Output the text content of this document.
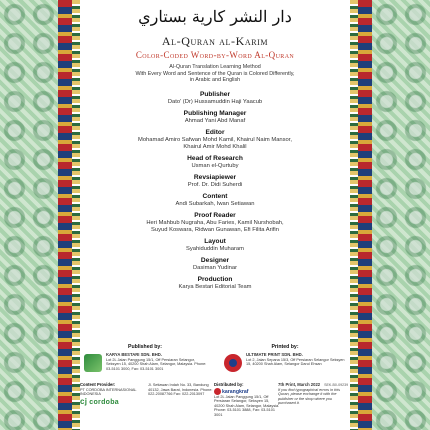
دار النشر كارية بستاري
Al-Quran al-Karim
Color-Coded Word-by-Word Al-Quran
Al-Quran Translation Learning Method
With Every Word and Sentence of the Quran is Colored Differently,
in Arabic and English
Publisher
Dato' (Dr) Hussamuddin Haji Yaacub
Publishing Manager
Ahmad Yani Abd Manaf
Editor
Mohamad Amiro Safwan Mohd Kamil, Khairul Naim Mansor,
Khairul Amir Mohd Khalil
Head of Research
Usman el-Qurtuby
Revsiapiewer
Prof. Dr. Didi Suherdi
Content
Andi Subarkah, Iwan Setiawan
Proof Reader
Heri Mahbub Nugraha, Abu Faries, Kamil Nurshobah,
Suyud Koswara, Ridwan Gunawan, Efi Filita Arifin
Layout
Syahiduddin Muharam
Designer
Dasiman Yudinar
Production
Karya Bestari Editorial Team
Published by:
KARYA BESTARI SDN. BHD.
Lot 2L Jalan Panggung 15/1, Off Persiaran Selangor, Seksyen 15, 40200 Shah Alam, Selangor, Malaysia. Phone: 03-5101 3000, Fax: 03-5101 3001
Printed by:
ULTIMATE PRINT SDN. BHD.
Lot 2, Jalan Sepana 15/3, Off Persiaran Selangor Seksyen 15, 40200 Shah Alam, Selangor Darul Ehsan
Content Provider:
PT CORDOBA INTERNASIONAL INDONESIA
cj cordoba
Jl. Setiawan Indah No. 33, Bandung 40132, Jawa Barat, Indonesia. Phone: 022-20087766 Fax: 022-2013097
Distributed by:
karangkraf
Lot 2L Jalan Panggung 15/1, Off Persiaran Selangor, Seksyen 15, 40200 Shah Alam, Selangor, Malaysia. Phone: 03-5101 3888, Fax: 03-5101 3001
7th Print, March 2022 SEK-B0-09239
If you find typographical errors in this Quran, please exchange it with the publisher or the shop where you purchased it.
